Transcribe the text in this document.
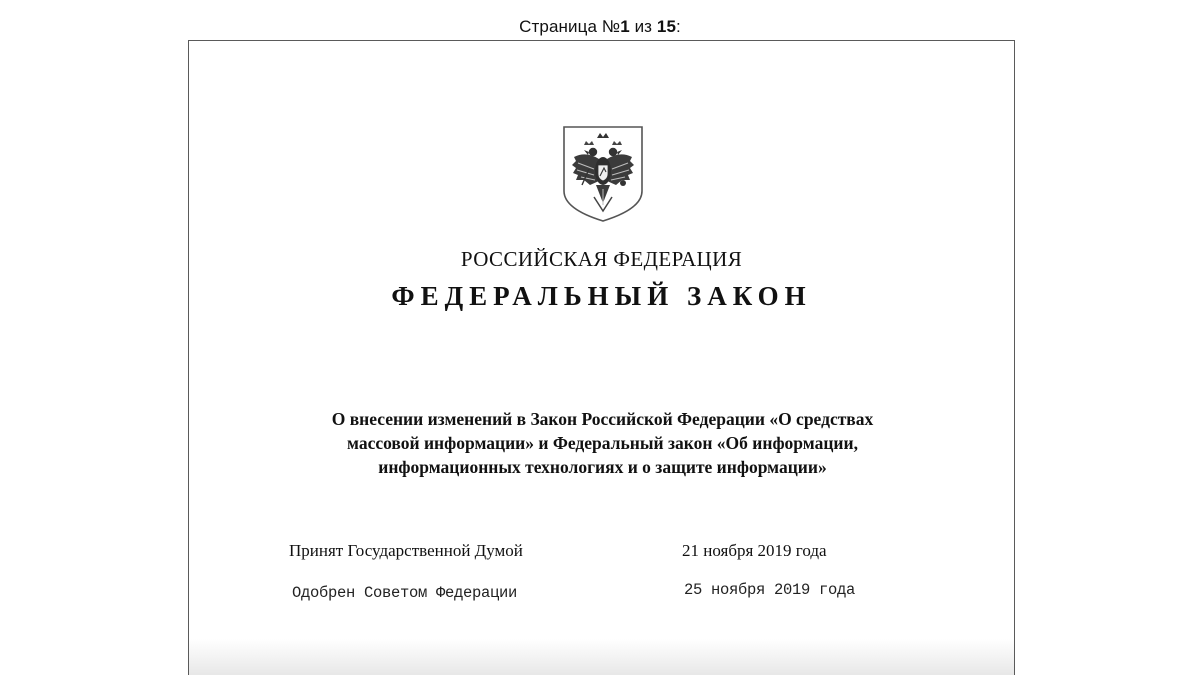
Страница №1 из 15:
РОССИЙСКАЯ ФЕДЕРАЦИЯ
ФЕДЕРАЛЬНЫЙ ЗАКОН
О внесении изменений в Закон Российской Федерации «О средствах
массовой информации» и Федеральный закон «Об информации,
информационных технологиях и о защите информации»
Принят Государственной Думой	21 ноября 2019 года
Одобрен Советом Федерации	25 ноября 2019 года
